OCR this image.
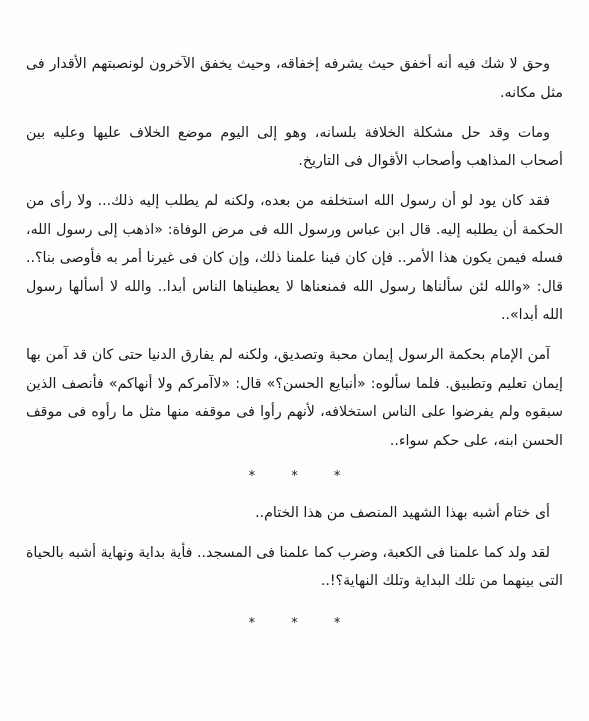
وحق لا شك فيه أنه أخفق حيث يشرفه إخفاقه، وحيث يخفق الآخرون لونصبتهم الأقدار فى مثل مكانه.

ومات وقد حل مشكلة الخلافة بلسانه، وهو إلى اليوم موضع الخلاف عليها وعليه بين أصحاب المذاهب وأصحاب الأقوال فى التاريخ.

فقد كان يود لو أن رسول الله استخلفه من بعده، ولكنه لم يطلب إليه ذلك... ولا رأى من الحكمة أن يطلبه إليه. قال ابن عباس ورسول الله فى مرض الوفاة: «اذهب إلى رسول الله، فسله فيمن يكون هذا الأمر.. فإن كان فينا علمنا ذلك، وإن كان فى غيرنا أمر به فأوصى بنا؟.. قال: «والله لئن سألناها رسول الله فمنعناها لا يعطيناها الناس أبدا.. والله لا أسألها رسول الله أبدا»..

آمن الإمام بحكمة الرسول إيمان محبة وتصديق، ولكنه لم يفارق الدنيا حتى كان قد آمن بها إيمان تعليم وتطبيق. فلما سألوه: «أنبايع الحسن؟» قال: «لاآمركم ولا أنهاكم» فأنصف الذين سبقوه ولم يفرضوا على الناس استخلافه، لأنهم رأوا فى موقفه منها مثل ما رأوه فى موقف الحسن ابنه، على حكم سواء..

*	*	*

أى ختام أشبه بهذا الشهيد المنصف من هذا الختام..

لقد ولد كما علمنا فى الكعبة، وضرب كما علمنا فى المسجد.. فأية بداية ونهاية أشبه بالحياة التى بينهما من تلك البداية وتلك النهاية؟!..

*	*	*
